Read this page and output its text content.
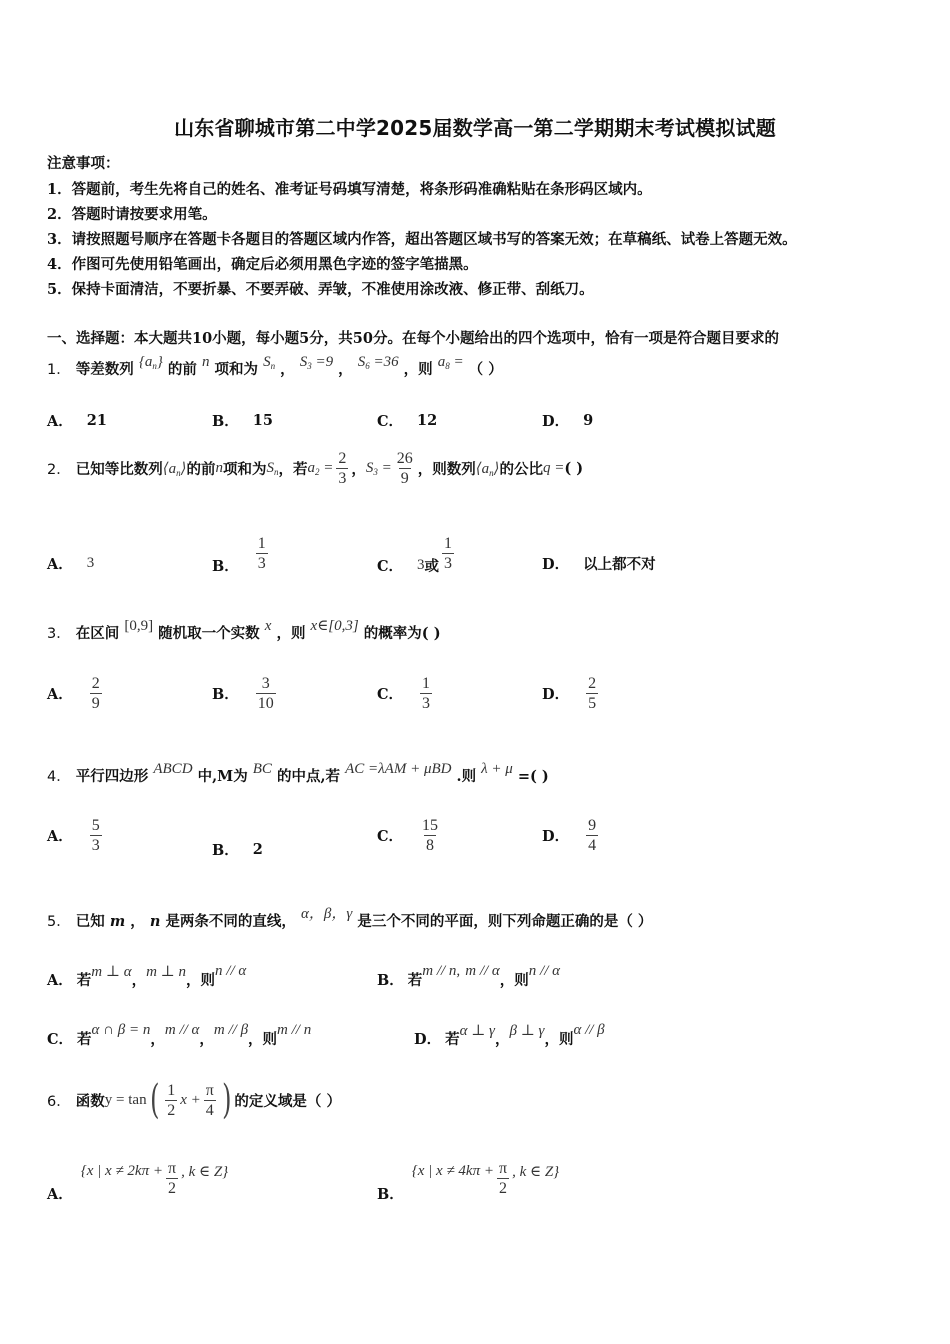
山东省聊城市第二中学2025届数学高一第二学期期末考试模拟试题
注意事项：
1．答题前，考生先将自己的姓名、准考证号码填写清楚，将条形码准确粘贴在条形码区域内。
2．答题时请按要求用笔。
3．请按照题号顺序在答题卡各题目的答题区域内作答，超出答题区域书写的答案无效；在草稿纸、试卷上答题无效。
4．作图可先使用铅笔画出，确定后必须用黑色字迹的签字笔描黑。
5．保持卡面清洁，不要折暴、不要弄破、弄皱，不准使用涂改液、修正带、刮纸刀。
一、选择题：本大题共10小题，每小题5分，共50分。在每个小题给出的四个选项中，恰有一项是符合题目要求的
1． 等差数列 $\{a_n\}$ 的前 n 项和为 $S_n$ ， $S_3 =9$ ， $S_6 =36$ ，则 $a_8$ = （ ）
A． 21	B． 15	C． 12	D． 9
2．
已知等比数列 $⟨a_n⟩$ 的前 n 项和为 $S_n$ ，若 $a_2 = \frac{2}{3}$ ， $S_3 = \frac{26}{9}$ ，则数列 $⟨a_n⟩$ 的公比 q = ( )
A． 3	B． $\frac{1}{3}$	C． 3 或 $\frac{1}{3}$	D． 以上都不对
3． 在区间 [0,9] 随机取一个实数 x ，则 x∈[0,3] 的概率为( )
A． $\frac{2}{9}$	B． $\frac{3}{10}$	C． $\frac{1}{3}$	D． $\frac{2}{5}$
4． 平行四边形 ABCD 中,M为 BC 的中点,若 AC =λAM + μBD .则 λ + μ =( )
A． $\frac{5}{3}$	B． 2
C． $\frac{15}{8}$	D． $\frac{9}{4}$
5． 已知 m ， n 是两条不同的直线， α，β，γ 是三个不同的平面，则下列命题正确的是（ ）
A． 若 m ⊥ α ， m ⊥ n ，则
n // α
B． 若
m // n,
m // α
，则
n // α
C． 若
α ∩ β = n
，
m // α
，
m // β
，则
m // n
D． 若 α ⊥ γ ， β ⊥ γ ，则
α // β
6．
函数 y = tan ( $\frac{1}{2}$ $x + \frac{\pi}{4}$ ) 的定义域是（ ）
A．
{x | $x \ne 2k\pi + \frac{\pi}{2}$ , k ∈ Z}
B．
{x | $x \ne 4k\pi + \frac{\pi}{2}$ , k ∈ Z}
